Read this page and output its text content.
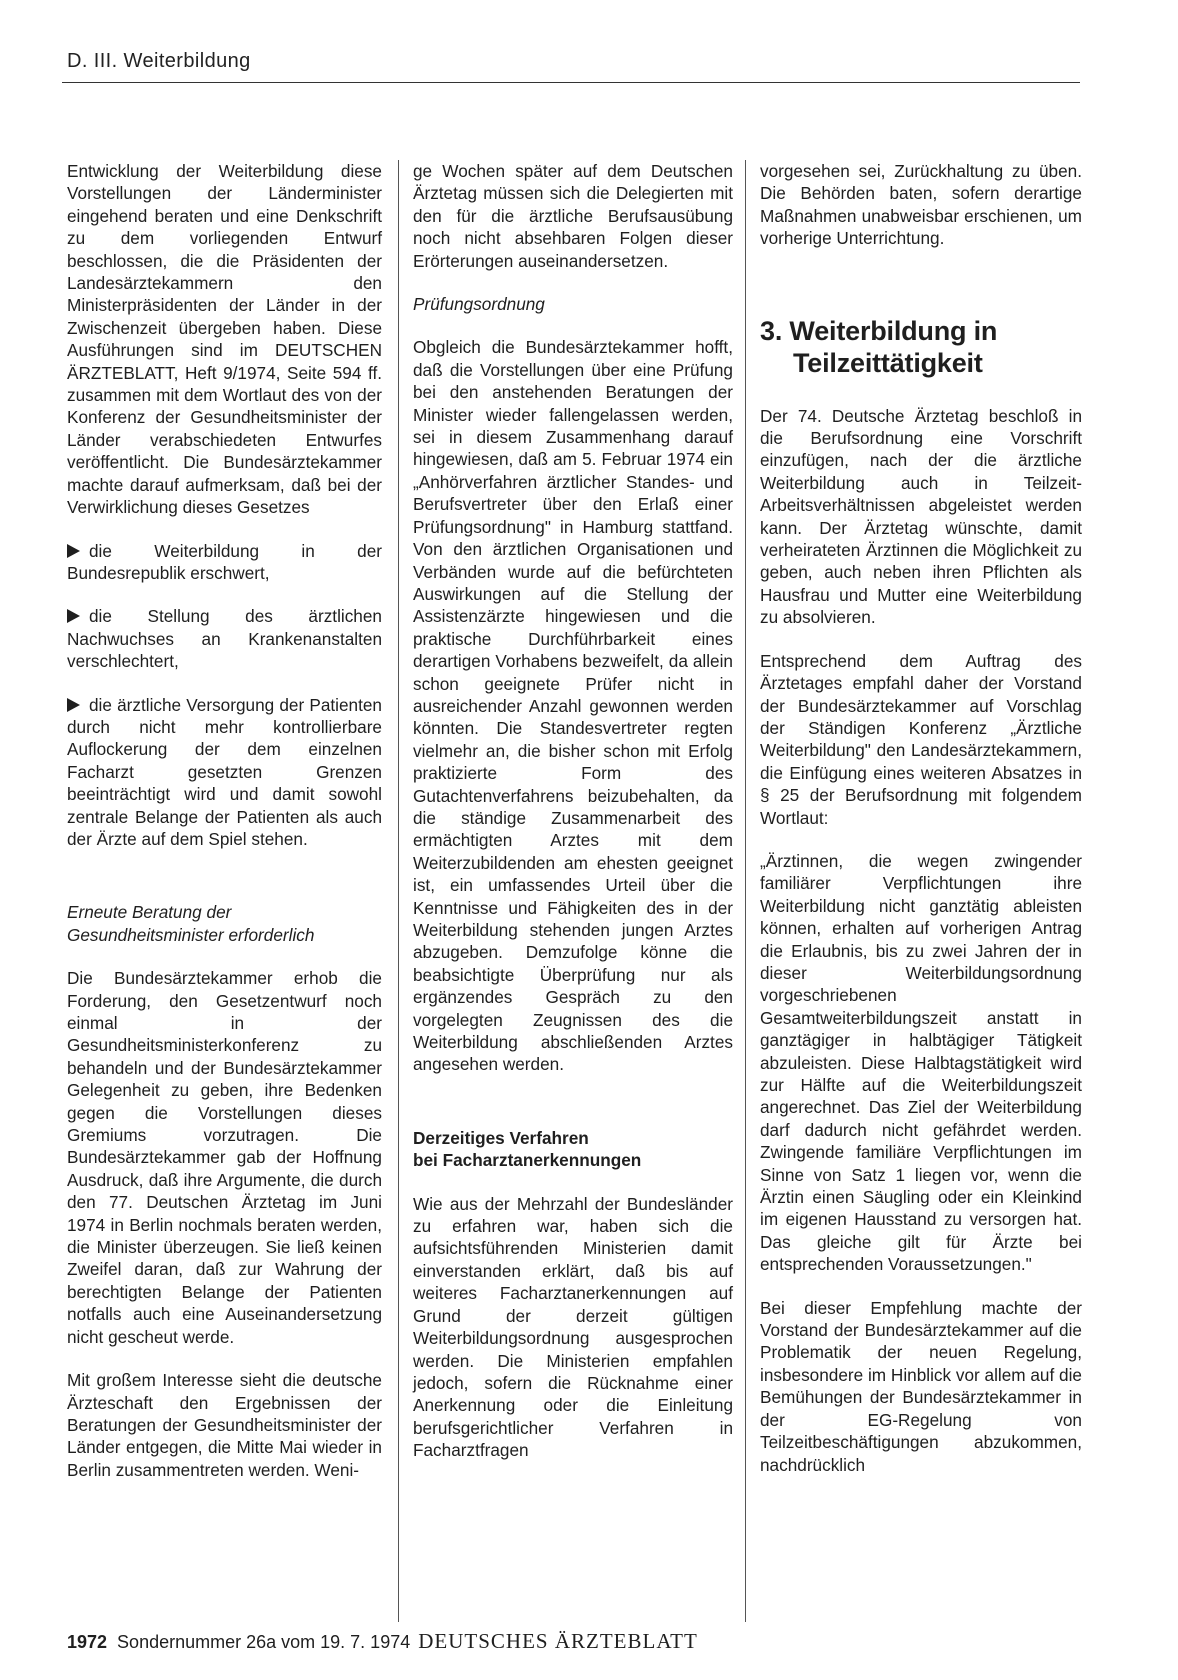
D. III. Weiterbildung

Entwicklung der Weiterbildung diese Vorstellungen der Länderminister eingehend beraten und eine Denkschrift zu dem vorliegenden Entwurf beschlossen, die die Präsidenten der Landesärztekammern den Ministerpräsidenten der Länder in der Zwischenzeit übergeben haben. Diese Ausführungen sind im DEUTSCHEN ÄRZTEBLATT, Heft 9/1974, Seite 594 ff. zusammen mit dem Wortlaut des von der Konferenz der Gesundheitsminister der Länder verabschiedeten Entwurfes veröffentlicht. Die Bundesärztekammer machte darauf aufmerksam, daß bei der Verwirklichung dieses Gesetzes

die Weiterbildung in der Bundesrepublik erschwert,

die Stellung des ärztlichen Nachwuchses an Krankenanstalten verschlechtert,

die ärztliche Versorgung der Patienten durch nicht mehr kontrollierbare Auflockerung der dem einzelnen Facharzt gesetzten Grenzen beeinträchtigt wird und damit sowohl zentrale Belange der Patienten als auch der Ärzte auf dem Spiel stehen.

Erneute Beratung der Gesundheitsminister erforderlich

Die Bundesärztekammer erhob die Forderung, den Gesetzentwurf noch einmal in der Gesundheitsministerkonferenz zu behandeln und der Bundesärztekammer Gelegenheit zu geben, ihre Bedenken gegen die Vorstellungen dieses Gremiums vorzutragen. Die Bundesärztekammer gab der Hoffnung Ausdruck, daß ihre Argumente, die durch den 77. Deutschen Ärztetag im Juni 1974 in Berlin nochmals beraten werden, die Minister überzeugen. Sie ließ keinen Zweifel daran, daß zur Wahrung der berechtigten Belange der Patienten notfalls auch eine Auseinandersetzung nicht gescheut werde.

Mit großem Interesse sieht die deutsche Ärzteschaft den Ergebnissen der Beratungen der Gesundheitsminister der Länder entgegen, die Mitte Mai wieder in Berlin zusammentreten werden. Weni-

ge Wochen später auf dem Deutschen Ärztetag müssen sich die Delegierten mit den für die ärztliche Berufsausübung noch nicht absehbaren Folgen dieser Erörterungen auseinandersetzen.

Prüfungsordnung

Obgleich die Bundesärztekammer hofft, daß die Vorstellungen über eine Prüfung bei den anstehenden Beratungen der Minister wieder fallengelassen werden, sei in diesem Zusammenhang darauf hingewiesen, daß am 5. Februar 1974 ein „Anhörverfahren ärztlicher Standes- und Berufsvertreter über den Erlaß einer Prüfungsordnung" in Hamburg stattfand. Von den ärztlichen Organisationen und Verbänden wurde auf die befürchteten Auswirkungen auf die Stellung der Assistenzärzte hingewiesen und die praktische Durchführbarkeit eines derartigen Vorhabens bezweifelt, da allein schon geeignete Prüfer nicht in ausreichender Anzahl gewonnen werden könnten. Die Standesvertreter regten vielmehr an, die bisher schon mit Erfolg praktizierte Form des Gutachtenverfahrens beizubehalten, da die ständige Zusammenarbeit des ermächtigten Arztes mit dem Weiterzubildenden am ehesten geeignet ist, ein umfassendes Urteil über die Kenntnisse und Fähigkeiten des in der Weiterbildung stehenden jungen Arztes abzugeben. Demzufolge könne die beabsichtigte Überprüfung nur als ergänzendes Gespräch zu den vorgelegten Zeugnissen des die Weiterbildung abschließenden Arztes angesehen werden.

Derzeitiges Verfahren
bei Facharztanerkennungen

Wie aus der Mehrzahl der Bundesländer zu erfahren war, haben sich die aufsichtsführenden Ministerien damit einverstanden erklärt, daß bis auf weiteres Facharztanerkennungen auf Grund der derzeit gültigen Weiterbildungsordnung ausgesprochen werden. Die Ministerien empfahlen jedoch, sofern die Rücknahme einer Anerkennung oder die Einleitung berufsgerichtlicher Verfahren in Facharztfragen

vorgesehen sei, Zurückhaltung zu üben. Die Behörden baten, sofern derartige Maßnahmen unabweisbar erschienen, um vorherige Unterrichtung.

3. Weiterbildung in
Teilzeittätigkeit

Der 74. Deutsche Ärztetag beschloß in die Berufsordnung eine Vorschrift einzufügen, nach der die ärztliche Weiterbildung auch in Teilzeit-Arbeitsverhältnissen abgeleistet werden kann. Der Ärztetag wünschte, damit verheirateten Ärztinnen die Möglichkeit zu geben, auch neben ihren Pflichten als Hausfrau und Mutter eine Weiterbildung zu absolvieren.

Entsprechend dem Auftrag des Ärztetages empfahl daher der Vorstand der Bundesärztekammer auf Vorschlag der Ständigen Konferenz „Ärztliche Weiterbildung" den Landesärztekammern, die Einfügung eines weiteren Absatzes in § 25 der Berufsordnung mit folgendem Wortlaut:

„Ärztinnen, die wegen zwingender familiärer Verpflichtungen ihre Weiterbildung nicht ganztätig ableisten können, erhalten auf vorherigen Antrag die Erlaubnis, bis zu zwei Jahren der in dieser Weiterbildungsordnung vorgeschriebenen Gesamtweiterbildungszeit anstatt in ganztägiger in halbtägiger Tätigkeit abzuleisten. Diese Halbtagstätigkeit wird zur Hälfte auf die Weiterbildungszeit angerechnet. Das Ziel der Weiterbildung darf dadurch nicht gefährdet werden. Zwingende familiäre Verpflichtungen im Sinne von Satz 1 liegen vor, wenn die Ärztin einen Säugling oder ein Kleinkind im eigenen Hausstand zu versorgen hat. Das gleiche gilt für Ärzte bei entsprechenden Voraussetzungen."

Bei dieser Empfehlung machte der Vorstand der Bundesärztekammer auf die Problematik der neuen Regelung, insbesondere im Hinblick vor allem auf die Bemühungen der Bundesärztekammer in der EG-Regelung von Teilzeitbeschäftigungen abzukommen, nachdrücklich

1972 Sondernummer 26a vom 19. 7. 1974 DEUTSCHES ÄRZTEBLATT
